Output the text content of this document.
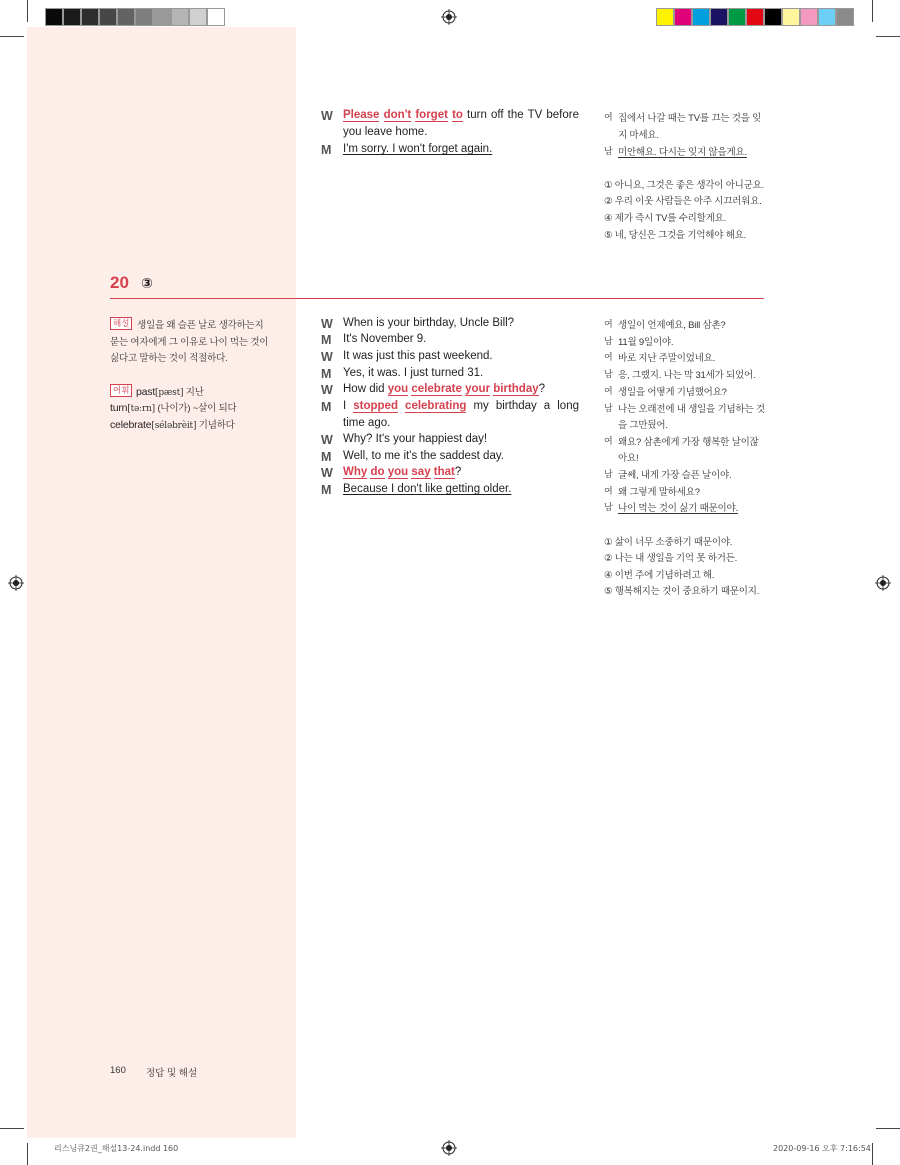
W Please don't forget to turn off the TV before
you leave home.
M	I'm sorry. I won't forget again.
여 집에서 나갈 때는 TV를 끄는 것을 잊
지 마세요.
남 미안해요. 다시는 잊지 않을게요.
① 아니요, 그것은 좋은 생각이 아니군요.
② 우리 이웃 사람들은 아주 시끄러워요.
④ 제가 즉시 TV를 수리할게요.
⑤ 네, 당신은 그것을 기억해야 해요.
20 ③
해설 생일을 왜 슬픈 날로 생각하는지
묻는 여자에게 그 이유로 나이 먹는 것이
싫다고 말하는 것이 적절하다.
어휘 past[pæst] 지난
turn[təːrn] (나이가) ~살이 되다
celebrate[séləbrèit] 기념하다
W When is your birthday, Uncle Bill?
M	It's November 9.
W It was just this past weekend.
M	Yes, it was. I just turned 31.
W How did you celebrate your birthday?
M	I stopped celebrating my birthday a long
time ago.
W Why? It's your happiest day!
M	Well, to me it's the saddest day.
W Why do you say that?
M	Because I don't like getting older.
여 생일이 언제예요, Bill 삼촌?
남 11월 9일이야.
여 바로 지난 주말이었네요.
남 응, 그랬지. 나는 막 31세가 되었어.
여 생일을 어떻게 기념했어요?
남 나는 오래전에 내 생일을 기념하는 것
을 그만뒀어.
여 왜요? 삼촌에게 가장 행복한 날이잖
아요!
남 글쎄, 내게 가장 슬픈 날이야.
여 왜 그렇게 말하세요?
남 나이 먹는 것이 싫기 때문이야.
① 삶이 너무 소중하기 때문이야.
② 나는 내 생일을 기억 못 하거든.
④ 이번 주에 기념하려고 해.
⑤ 행복해지는 것이 중요하기 때문이지.
160 정답 및 해설
리스닝큐2권_해설13-24.indd 160	2020-09-16 오후 7:16:54
